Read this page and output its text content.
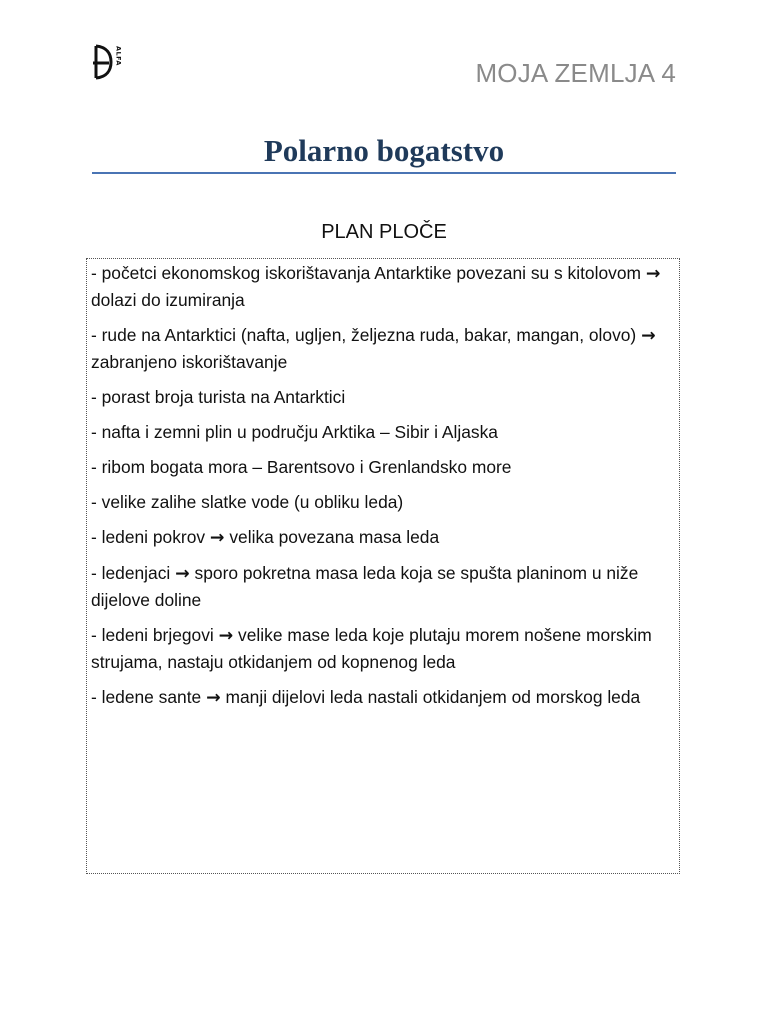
ALFA
MOJA ZEMLJA 4
Polarno bogatstvo
PLAN PLOČE
- početci ekonomskog iskorištavanja Antarktike povezani su s kitolovom → dolazi do izumiranja
- rude na Antarktici (nafta, ugljen, željezna ruda, bakar, mangan, olovo) → zabranjeno iskorištavanje
- porast broja turista na Antarktici
- nafta i zemni plin u području Arktika – Sibir i Aljaska
- ribom bogata mora – Barentsovo i Grenlandsko more
- velike zalihe slatke vode (u obliku leda)
- ledeni pokrov → velika povezana masa leda
- ledenjaci → sporo pokretna masa leda koja se spušta planinom u niže dijelove doline
- ledeni brjegovi → velike mase leda koje plutaju morem nošene morskim strujama, nastaju otkidanjem od kopnenog leda
- ledene sante → manji dijelovi leda nastali otkidanjem od morskog leda
